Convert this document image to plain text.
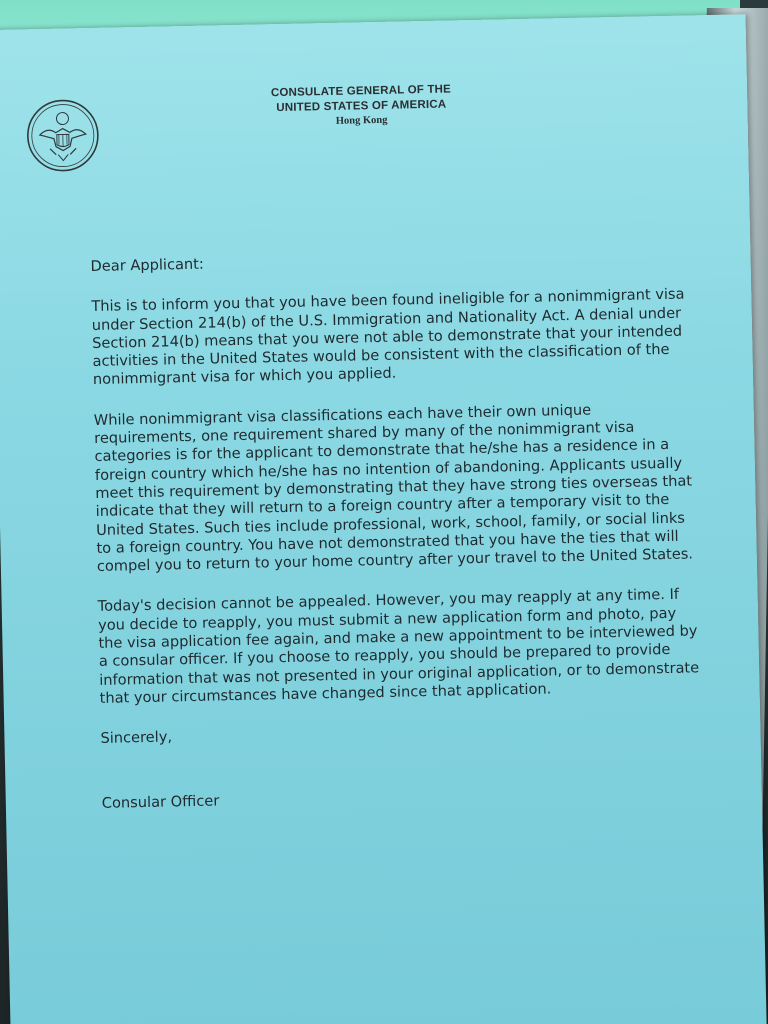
CONSULATE GENERAL OF THE
UNITED STATES OF AMERICA
Hong Kong

Dear Applicant:

This is to inform you that you have been found ineligible for a nonimmigrant visa under Section 214(b) of the U.S. Immigration and Nationality Act. A denial under Section 214(b) means that you were not able to demonstrate that your intended activities in the United States would be consistent with the classification of the nonimmigrant visa for which you applied.

While nonimmigrant visa classifications each have their own unique requirements, one requirement shared by many of the nonimmigrant visa categories is for the applicant to demonstrate that he/she has a residence in a foreign country which he/she has no intention of abandoning. Applicants usually meet this requirement by demonstrating that they have strong ties overseas that indicate that they will return to a foreign country after a temporary visit to the United States. Such ties include professional, work, school, family, or social links to a foreign country. You have not demonstrated that you have the ties that will compel you to return to your home country after your travel to the United States.

Today's decision cannot be appealed. However, you may reapply at any time. If you decide to reapply, you must submit a new application form and photo, pay the visa application fee again, and make a new appointment to be interviewed by a consular officer. If you choose to reapply, you should be prepared to provide information that was not presented in your original application, or to demonstrate that your circumstances have changed since that application.

Sincerely,

Consular Officer
